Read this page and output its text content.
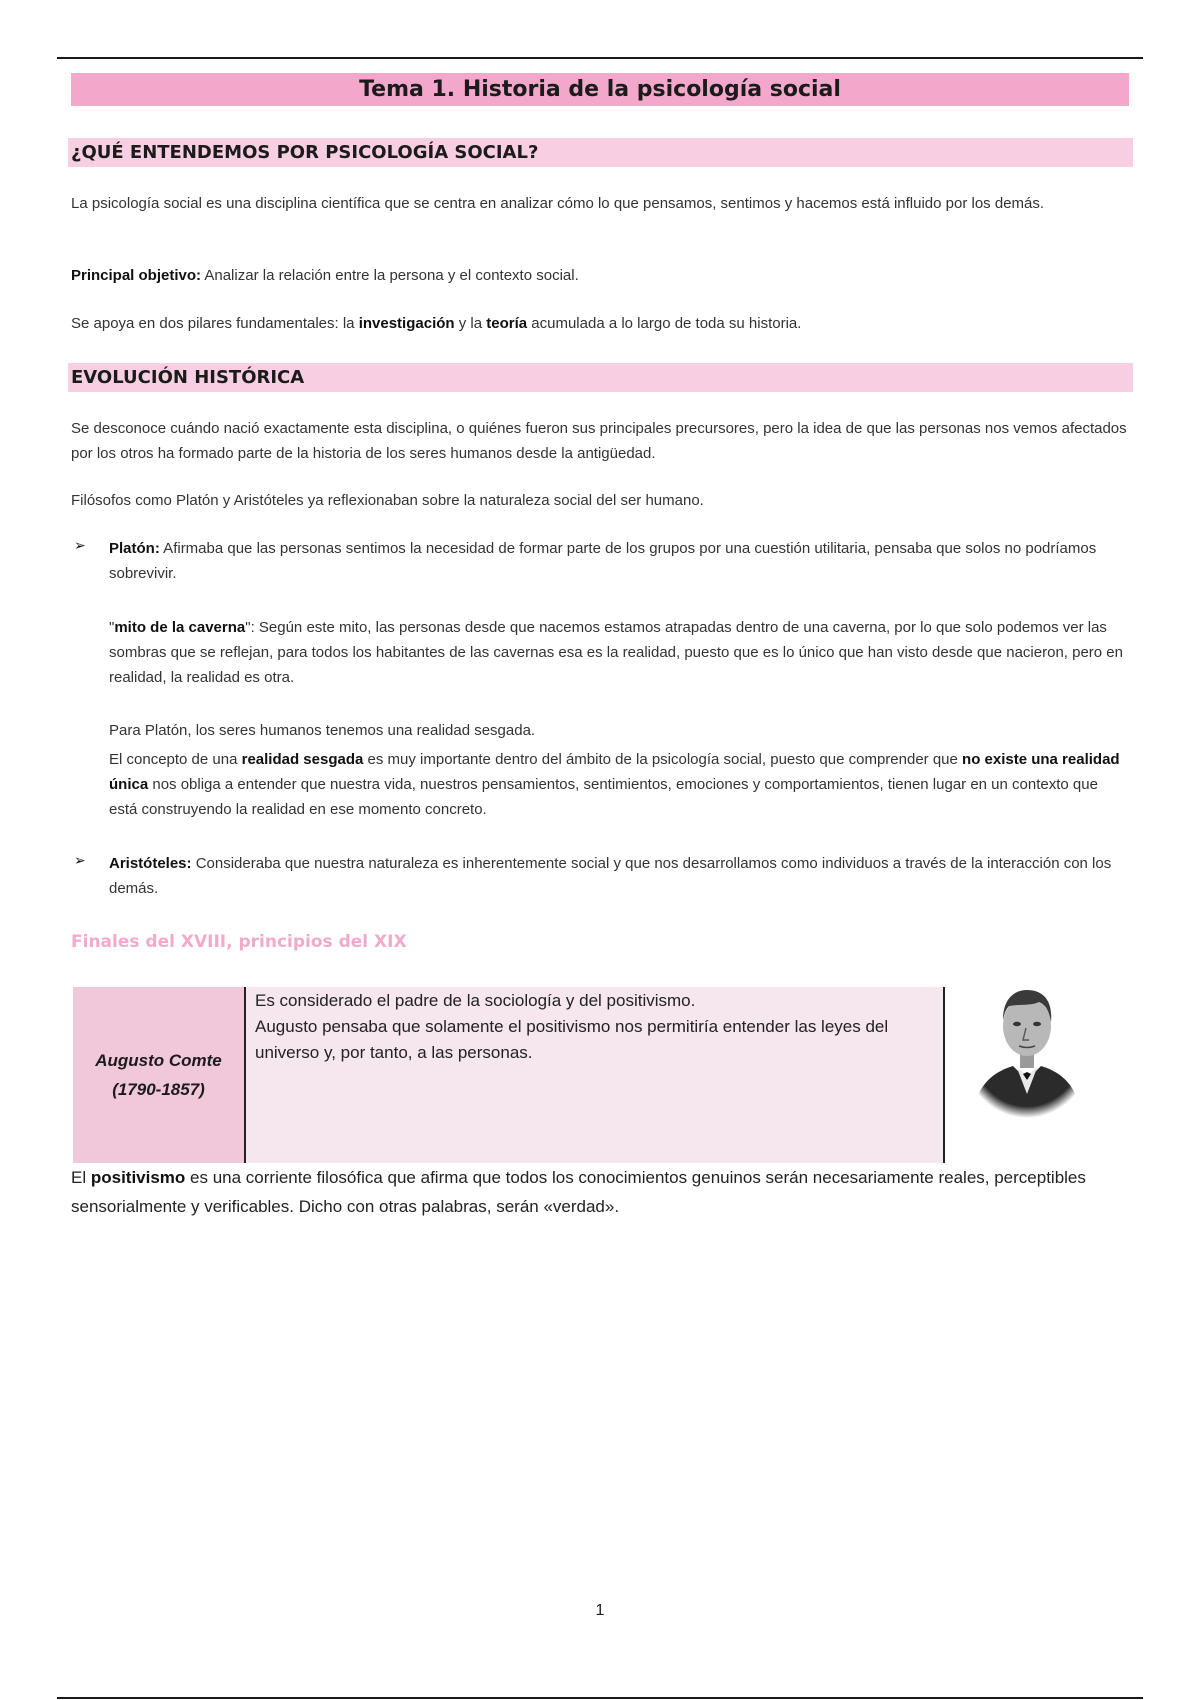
Tema 1. Historia de la psicología social
¿QUÉ ENTENDEMOS POR PSICOLOGÍA SOCIAL?
La psicología social es una disciplina científica que se centra en analizar cómo lo que pensamos, sentimos y hacemos está influido por los demás.
Principal objetivo: Analizar la relación entre la persona y el contexto social.
Se apoya en dos pilares fundamentales: la investigación y la teoría acumulada a lo largo de toda su historia.
EVOLUCIÓN HISTÓRICA
Se desconoce cuándo nació exactamente esta disciplina, o quiénes fueron sus principales precursores, pero la idea de que las personas nos vemos afectados por los otros ha formado parte de la historia de los seres humanos desde la antigüedad.
Filósofos como Platón y Aristóteles ya reflexionaban sobre la naturaleza social del ser humano.
➢ Platón: Afirmaba que las personas sentimos la necesidad de formar parte de los grupos por una cuestión utilitaria, pensaba que solos no podríamos sobrevivir.
"mito de la caverna": Según este mito, las personas desde que nacemos estamos atrapadas dentro de una caverna, por lo que solo podemos ver las sombras que se reflejan, para todos los habitantes de las cavernas esa es la realidad, puesto que es lo único que han visto desde que nacieron, pero en realidad, la realidad es otra.
Para Platón, los seres humanos tenemos una realidad sesgada.
El concepto de una realidad sesgada es muy importante dentro del ámbito de la psicología social, puesto que comprender que no existe una realidad única nos obliga a entender que nuestra vida, nuestros pensamientos, sentimientos, emociones y comportamientos, tienen lugar en un contexto que está construyendo la realidad en ese momento concreto.
➢ Aristóteles: Consideraba que nuestra naturaleza es inherentemente social y que nos desarrollamos como individuos a través de la interacción con los demás.
Finales del XVIII, principios del XIX
Augusto Comte
(1790-1857)
Es considerado el padre de la sociología y del positivismo.
Augusto pensaba que solamente el positivismo nos permitiría entender las leyes del universo y, por tanto, a las personas.
El positivismo es una corriente filosófica que afirma que todos los conocimientos genuinos serán necesariamente reales, perceptibles sensorialmente y verificables. Dicho con otras palabras, serán «verdad».
1
